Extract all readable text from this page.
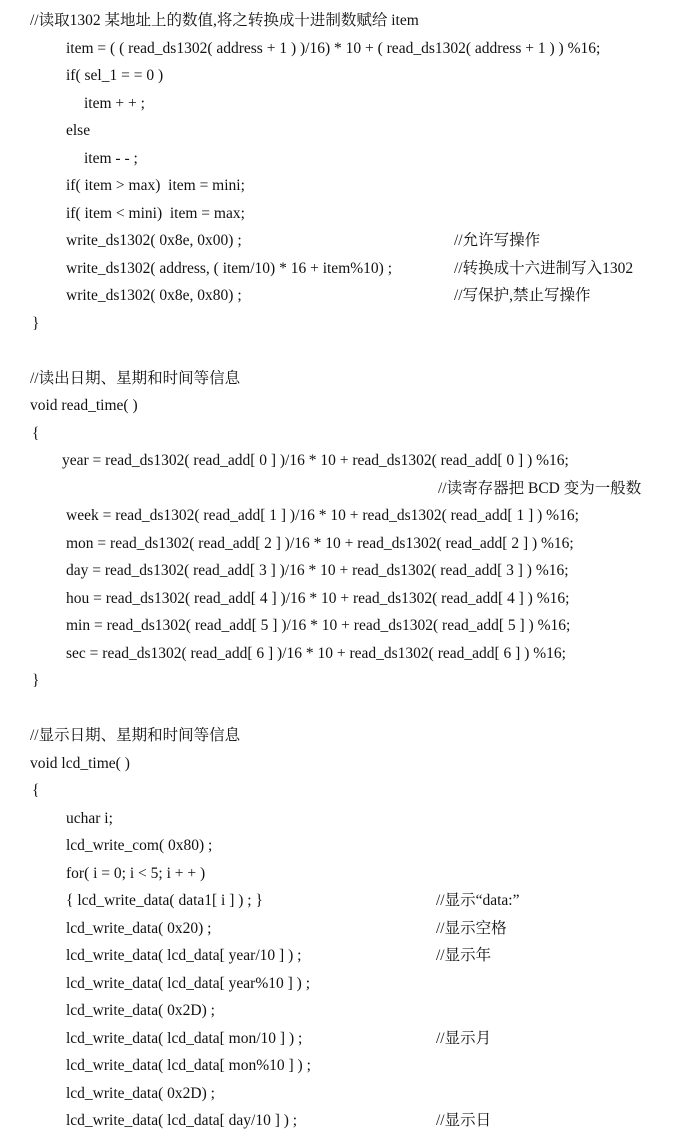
//读取1302 某地址上的数值,将之转换成十进制数赋给 item
item = ( ( read_ds1302( address + 1 ) )/16) * 10 + ( read_ds1302( address + 1 ) ) %16;
if( sel_1 = = 0 )
item + + ;
else
item - - ;
if( item > max)  item = mini;
if( item < mini)  item = max;
write_ds1302( 0x8e, 0x00) ;	//允许写操作
write_ds1302( address, ( item/10) * 16 + item%10) ;	//转换成十六进制写入1302
write_ds1302( 0x8e, 0x80) ;	//写保护,禁止写操作
}
//读出日期、星期和时间等信息
void read_time( )
{
year = read_ds1302( read_add[ 0 ] )/16 * 10 + read_ds1302( read_add[ 0 ] ) %16;
//读寄存器把 BCD 变为一般数
week = read_ds1302( read_add[ 1 ] )/16 * 10 + read_ds1302( read_add[ 1 ] ) %16;
mon = read_ds1302( read_add[ 2 ] )/16 * 10 + read_ds1302( read_add[ 2 ] ) %16;
day = read_ds1302( read_add[ 3 ] )/16 * 10 + read_ds1302( read_add[ 3 ] ) %16;
hou = read_ds1302( read_add[ 4 ] )/16 * 10 + read_ds1302( read_add[ 4 ] ) %16;
min = read_ds1302( read_add[ 5 ] )/16 * 10 + read_ds1302( read_add[ 5 ] ) %16;
sec = read_ds1302( read_add[ 6 ] )/16 * 10 + read_ds1302( read_add[ 6 ] ) %16;
}
//显示日期、星期和时间等信息
void lcd_time( )
{
uchar i;
lcd_write_com( 0x80) ;
for( i = 0; i < 5; i + + )
{ lcd_write_data( data1[ i ] ) ; }	//显示“data:”
lcd_write_data( 0x20) ;	//显示空格
lcd_write_data( lcd_data[ year/10 ] ) ;	//显示年
lcd_write_data( lcd_data[ year%10 ] ) ;
lcd_write_data( 0x2D) ;
lcd_write_data( lcd_data[ mon/10 ] ) ;	//显示月
lcd_write_data( lcd_data[ mon%10 ] ) ;
lcd_write_data( 0x2D) ;
lcd_write_data( lcd_data[ day/10 ] ) ;	//显示日
